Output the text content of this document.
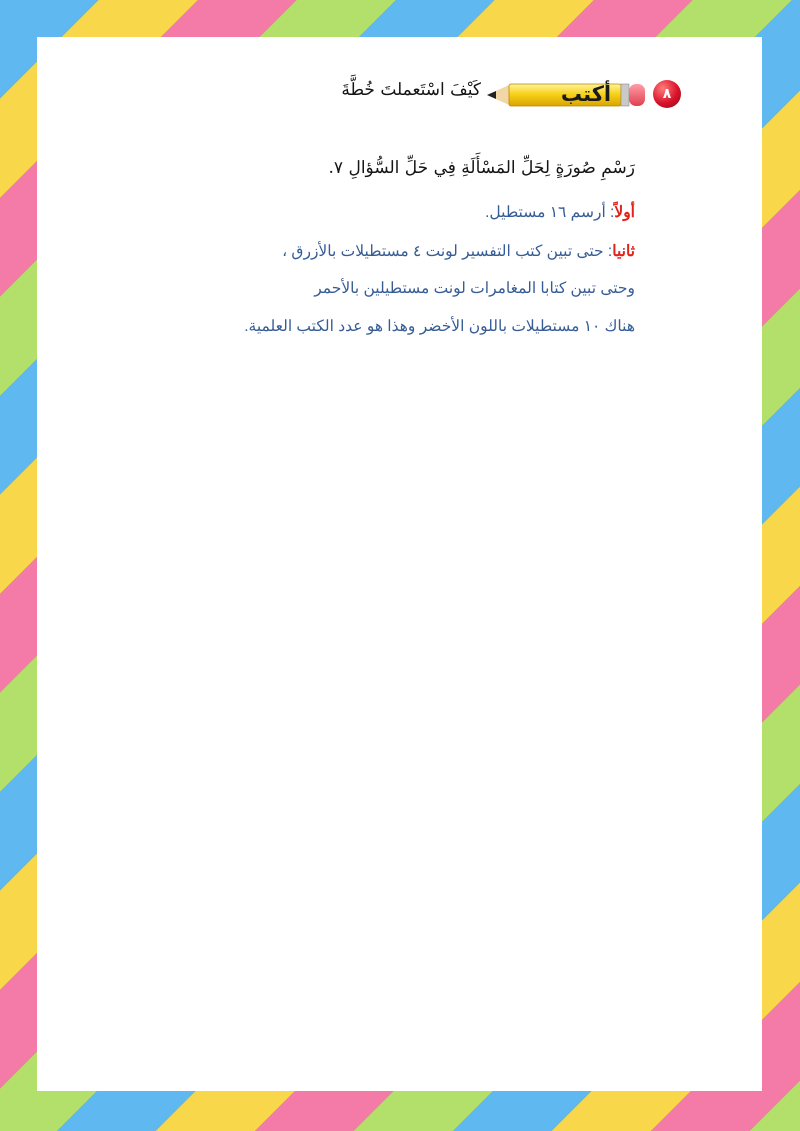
٨
أكتب
كَيْفَ اسْتَعملتَ خُطَّةَ
رَسْمِ صُورَةٍ لِحَلِّ المَسْأَلَةِ فِي حَلِّ السُّؤالِ ٧.
أولاً: أرسم ١٦ مستطيل.
ثانيا: حتى تبين كتب التفسير لونت ٤ مستطيلات بالأزرق ،
وحتى تبين كتابا المغامرات لونت مستطيلين بالأحمر
هناك ١٠ مستطيلات باللون الأخضر وهذا هو عدد الكتب العلمية.
